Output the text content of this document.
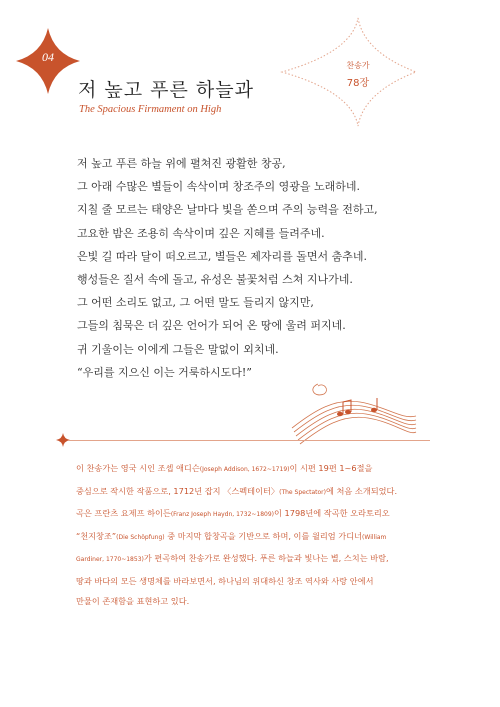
04
찬송가
78장
저 높고 푸른 하늘과
The Spacious Firmament on High
저 높고 푸른 하늘 위에 펼쳐진 광활한 창공,
그 아래 수많은 별들이 속삭이며 창조주의 영광을 노래하네.
지칠 줄 모르는 태양은 날마다 빛을 쏟으며 주의 능력을 전하고,
고요한 밤은 조용히 속삭이며 깊은 지혜를 들려주네.
은빛 길 따라 달이 떠오르고, 별들은 제자리를 돌면서 춤추네.
행성들은 질서 속에 돌고, 유성은 불꽃처럼 스쳐 지나가네.
그 어떤 소리도 없고, 그 어떤 말도 들리지 않지만,
그들의 침묵은 더 깊은 언어가 되어 온 땅에 울려 퍼지네.
귀 기울이는 이에게 그들은 말없이 외치네.
“우리를 지으신 이는 거룩하시도다!”
이 찬송가는 영국 시인 조셉 애디슨(Joseph Addison, 1672~1719)이 시편 19편 1~6절을
중심으로 작시한 작품으로, 1712년 잡지 〈스펙테이터〉(The Spectator)에 처음 소개되었다.
곡은 프란츠 요제프 하이든(Franz Joseph Haydn, 1732~1809)이 1798년에 작곡한 오라토리오
“천지창조”(Die Schöpfung) 중 마지막 합창곡을 기반으로 하며, 이를 윌리엄 가디너(William
Gardiner, 1770~1853)가 편곡하여 찬송가로 완성했다. 푸른 하늘과 빛나는 별, 스치는 바람,
땅과 바다의 모든 생명체를 바라보면서, 하나님의 위대하신 창조 역사와 사랑 안에서
만물이 존재함을 표현하고 있다.
